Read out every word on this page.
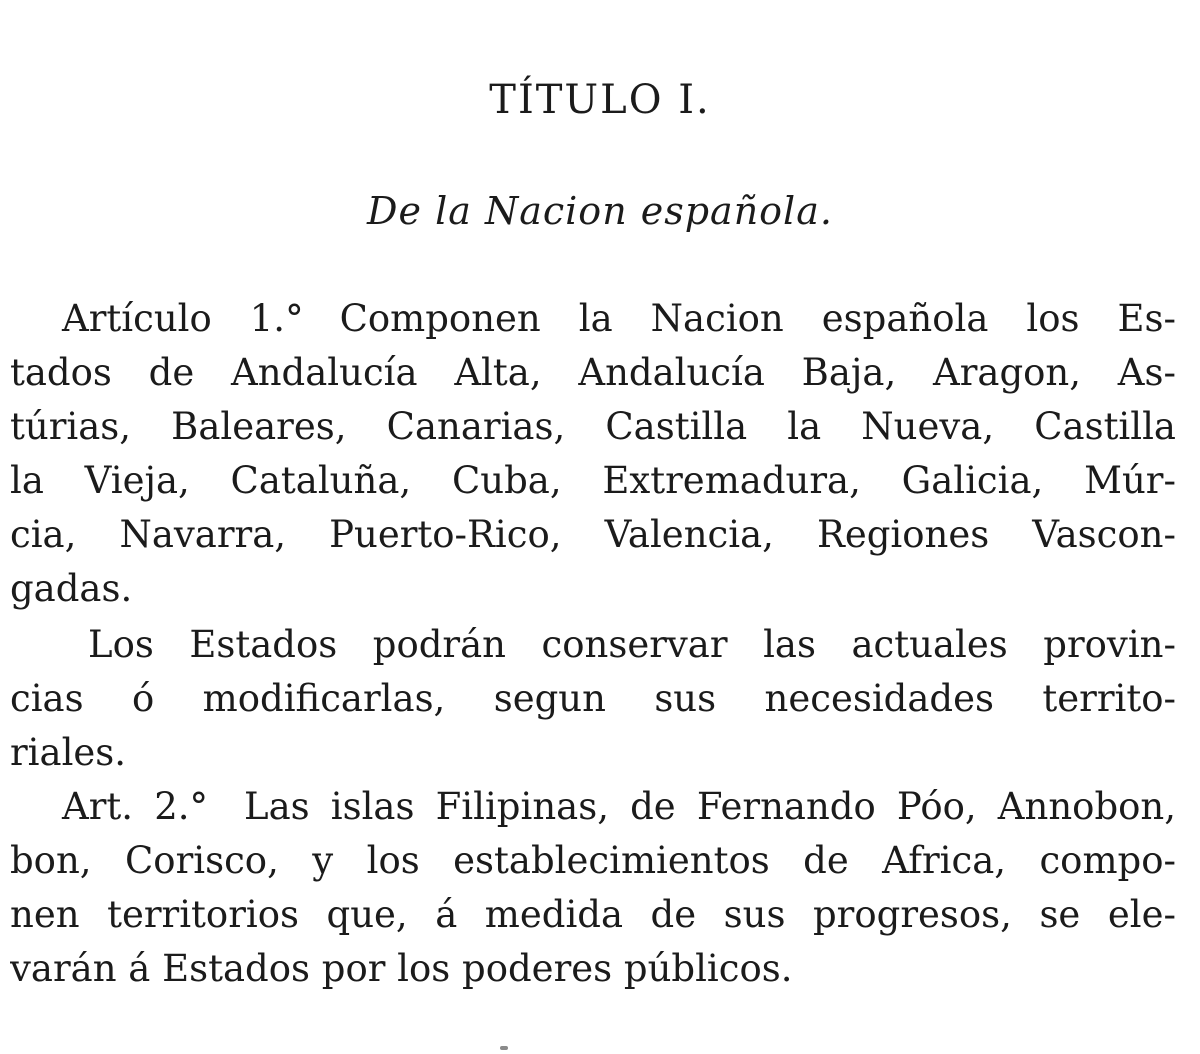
TÍTULO I.
De la Nacion española.
Artículo 1.° Componen la Nacion española los Es-
tados de Andalucía Alta, Andalucía Baja, Aragon, As-
túrias, Baleares, Canarias, Castilla la Nueva, Castilla
la Vieja, Cataluña, Cuba, Extremadura, Galicia, Múr-
cia, Navarra, Puerto-Rico, Valencia, Regiones Vascon-
gadas.
Los Estados podrán conservar las actuales provin-
cias ó modificarlas, segun sus necesidades territo-
riales.
Art. 2.° Las islas Filipinas, de Fernando Póo, Annobon,
bon, Corisco, y los establecimientos de Africa, compo-
nen territorios que, á medida de sus progresos, se ele-
varán á Estados por los poderes públicos.
